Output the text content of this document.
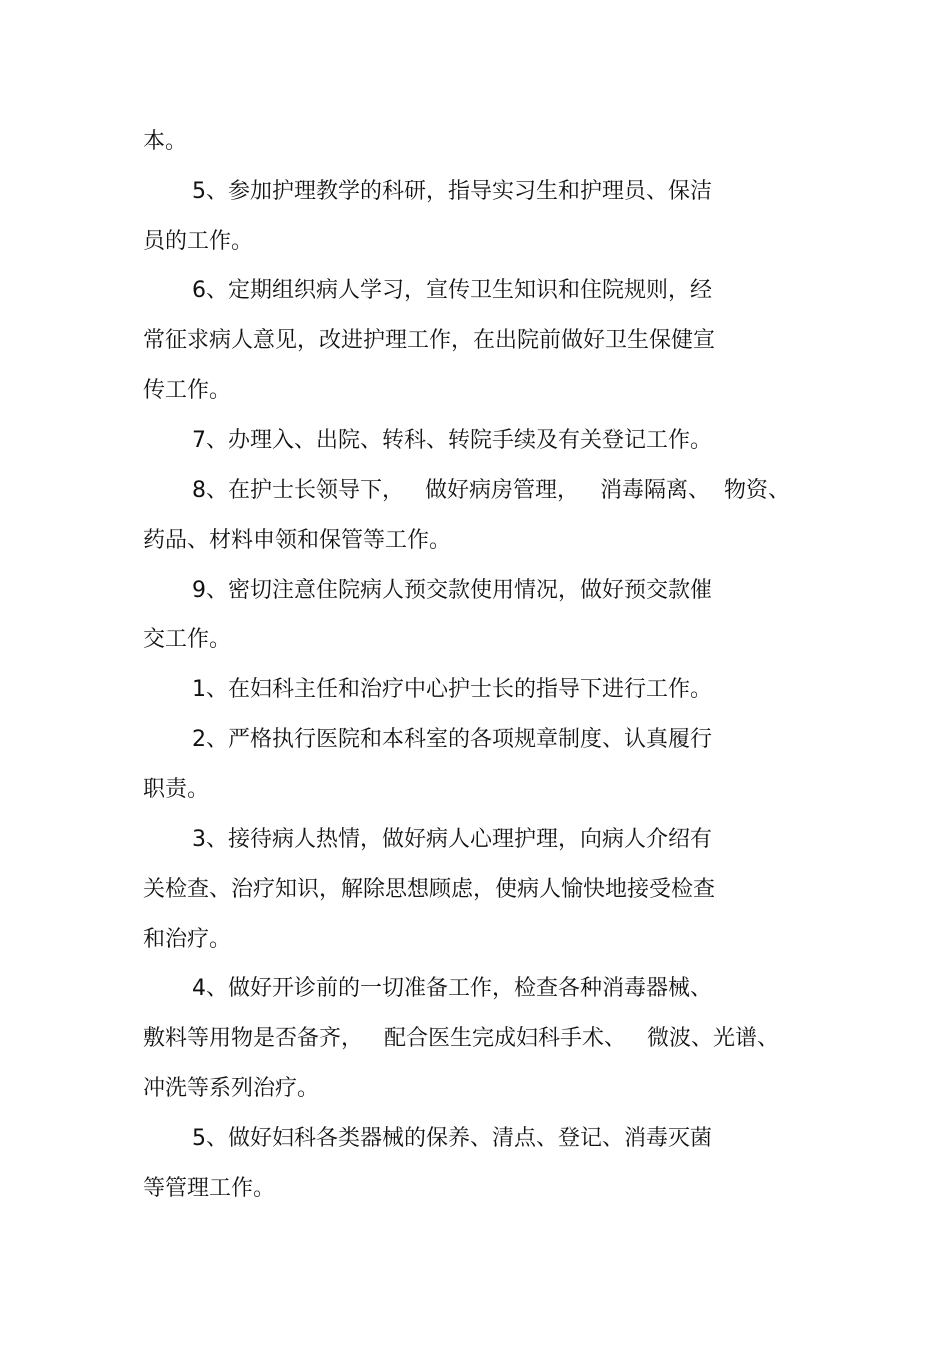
本。
5、参加护理教学的科研，指导实习生和护理员、保洁
员的工作。
6、定期组织病人学习，宣传卫生知识和住院规则，经
常征求病人意见，改进护理工作，在出院前做好卫生保健宣
传工作。
7、办理入、出院、转科、转院手续及有关登记工作。
8、在护士长领导下，   做好病房管理，   消毒隔离、  物资、
药品、材料申领和保管等工作。
9、密切注意住院病人预交款使用情况，做好预交款催
交工作。
1、在妇科主任和治疗中心护士长的指导下进行工作。
2、严格执行医院和本科室的各项规章制度、认真履行
职责。
3、接待病人热情，做好病人心理护理，向病人介绍有
关检查、治疗知识，解除思想顾虑，使病人愉快地接受检查
和治疗。
4、做好开诊前的一切准备工作，检查各种消毒器械、
敷料等用物是否备齐，   配合医生完成妇科手术、   微波、光谱、
冲洗等系列治疗。
5、做好妇科各类器械的保养、清点、登记、消毒灭菌
等管理工作。
